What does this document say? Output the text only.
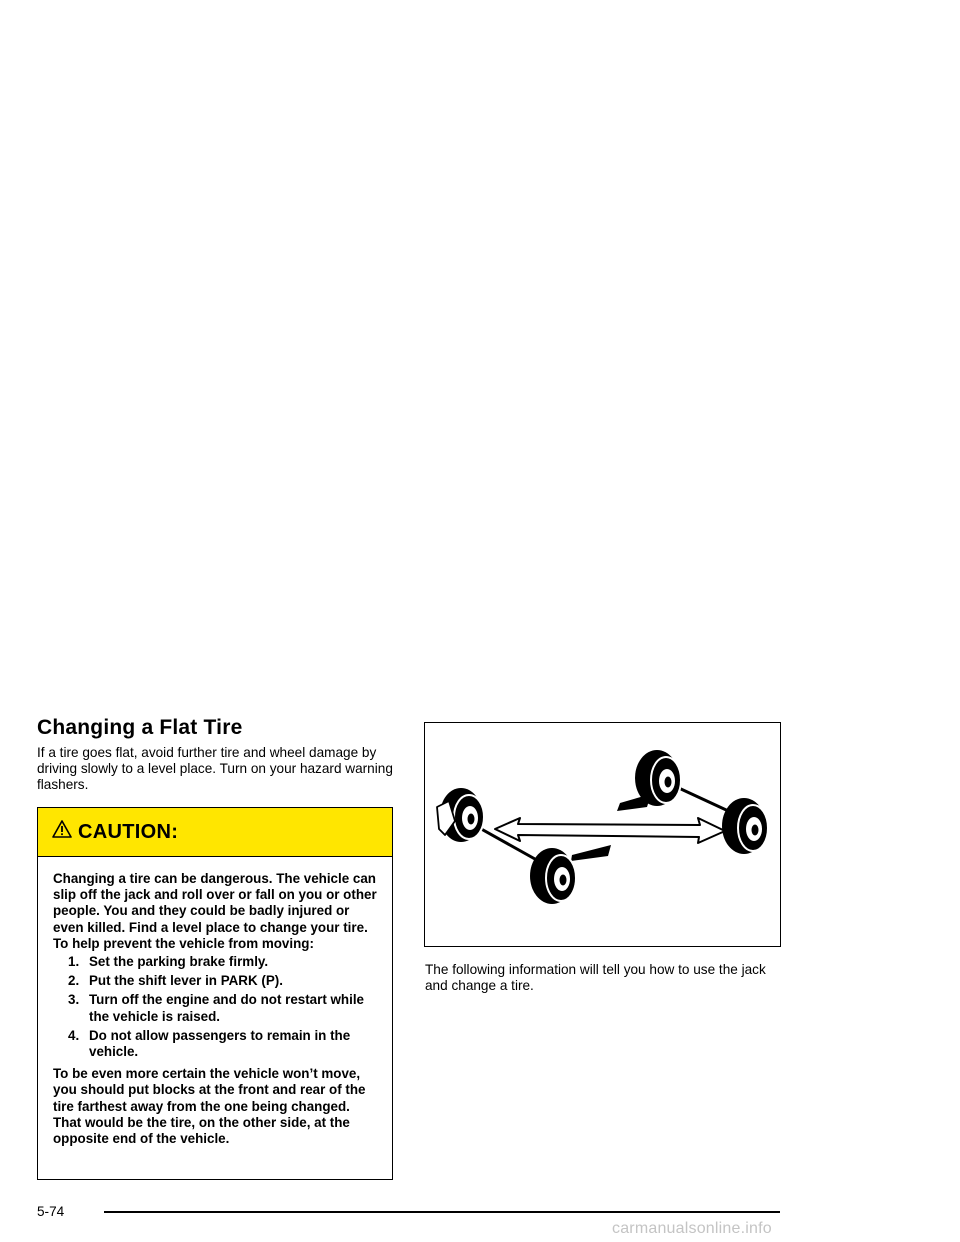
Changing a Flat Tire

If a tire goes flat, avoid further tire and wheel damage by driving slowly to a level place. Turn on your hazard warning flashers.

CAUTION:

Changing a tire can be dangerous. The vehicle can slip off the jack and roll over or fall on you or other people. You and they could be badly injured or even killed. Find a level place to change your tire. To help prevent the vehicle from moving:

1. Set the parking brake firmly.
2. Put the shift lever in PARK (P).
3. Turn off the engine and do not restart while the vehicle is raised.
4. Do not allow passengers to remain in the vehicle.

To be even more certain the vehicle won’t move, you should put blocks at the front and rear of the tire farthest away from the one being changed. That would be the tire, on the other side, at the opposite end of the vehicle.

The following information will tell you how to use the jack and change a tire.

5-74
carmanualsonline.info
